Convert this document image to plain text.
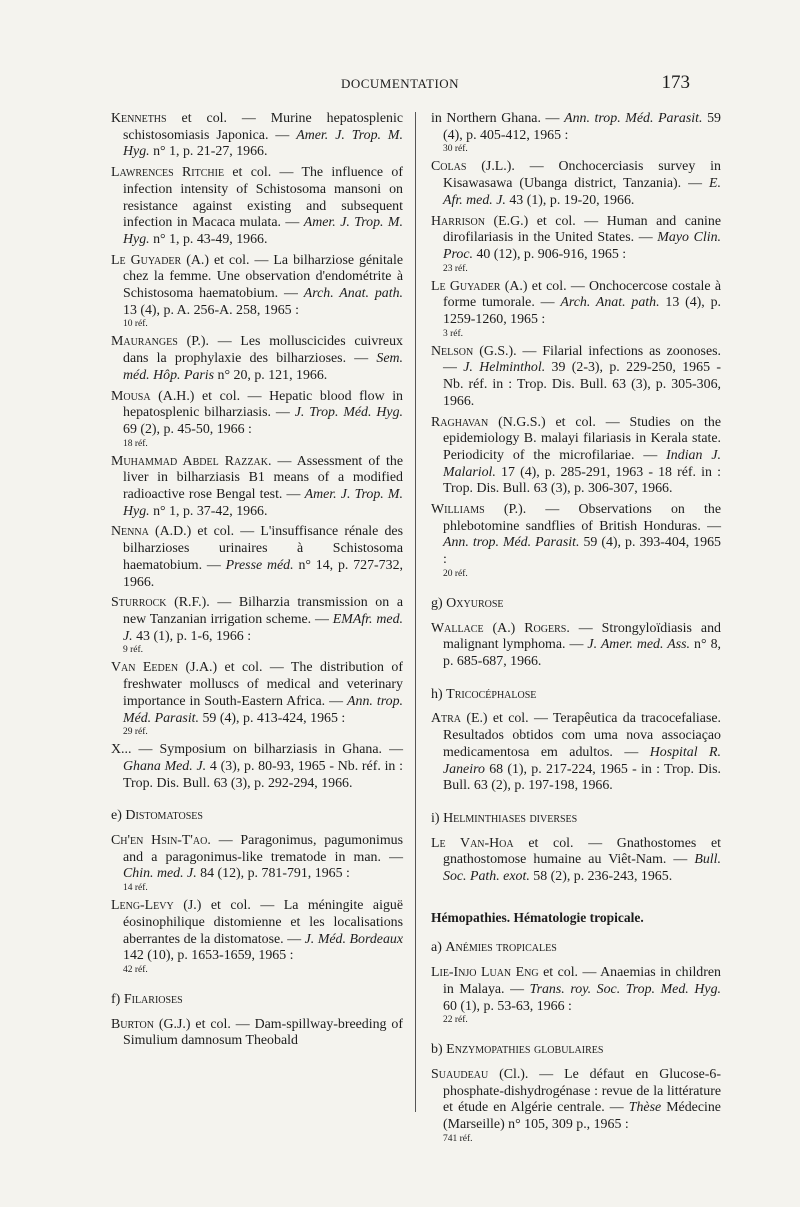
DOCUMENTATION	173

Kenneths et col. — Murine hepatosplenic schistosomiasis Japonica. — Amer. J. Trop. M. Hyg. n° 1, p. 21-27, 1966.

Lawrences Ritchie et col. — The influence of infection intensity of Schistosoma mansoni on resistance against existing and subsequent infection in Macaca mulata. — Amer. J. Trop. M. Hyg. n° 1, p. 43-49, 1966.

Le Guyader (A.) et col. — La bilharziose génitale chez la femme. Une observation d'endométrite à Schistosoma haematobium. — Arch. Anat. path. 13 (4), p. A. 256-A. 258, 1965 :
10 réf.

Mauranges (P.). — Les molluscicides cuivreux dans la prophylaxie des bilharzioses. — Sem. méd. Hôp. Paris n° 20, p. 121, 1966.

Mousa (A.H.) et col. — Hepatic blood flow in hepatosplenic bilharziasis. — J. Trop. Méd. Hyg. 69 (2), p. 45-50, 1966 :
18 réf.

Muhammad Abdel Razzak. — Assessment of the liver in bilharziasis B1 means of a modified radioactive rose Bengal test. — Amer. J. Trop. M. Hyg. n° 1, p. 37-42, 1966.

Nenna (A.D.) et col. — L'insuffisance rénale des bilharzioses urinaires à Schistosoma haematobium. — Presse méd. n° 14, p. 727-732, 1966.

Sturrock (R.F.). — Bilharzia transmission on a new Tanzanian irrigation scheme. — EMAfr. med. J. 43 (1), p. 1-6, 1966 :
9 réf.

Van Eeden (J.A.) et col. — The distribution of freshwater molluscs of medical and veterinary importance in South-Eastern Africa. — Ann. trop. Méd. Parasit. 59 (4), p. 413-424, 1965 :
29 réf.

X... — Symposium on bilharziasis in Ghana. — Ghana Med. J. 4 (3), p. 80-93, 1965 - Nb. réf. in : Trop. Dis. Bull. 63 (3), p. 292-294, 1966.

e) Distomatoses

Ch'en Hsin-T'ao. — Paragonimus, pagumonimus and a paragonimus-like trematode in man. — Chin. med. J. 84 (12), p. 781-791, 1965 :
14 réf.

Leng-Levy (J.) et col. — La méningite aiguë éosinophilique distomienne et les localisations aberrantes de la distomatose. — J. Méd. Bordeaux 142 (10), p. 1653-1659, 1965 :
42 réf.

f) Filarioses

Burton (G.J.) et col. — Dam-spillway-breeding of Simulium damnosum Theobald

in Northern Ghana. — Ann. trop. Méd. Parasit. 59 (4), p. 405-412, 1965 :
30 réf.

Colas (J.L.). — Onchocerciasis survey in Kisawasawa (Ubanga district, Tanzania). — E. Afr. med. J. 43 (1), p. 19-20, 1966.

Harrison (E.G.) et col. — Human and canine dirofilariasis in the United States. — Mayo Clin. Proc. 40 (12), p. 906-916, 1965 :
23 réf.

Le Guyader (A.) et col. — Onchocercose costale à forme tumorale. — Arch. Anat. path. 13 (4), p. 1259-1260, 1965 :
3 réf.

Nelson (G.S.). — Filarial infections as zoonoses. — J. Helminthol. 39 (2-3), p. 229-250, 1965 - Nb. réf. in : Trop. Dis. Bull. 63 (3), p. 305-306, 1966.

Raghavan (N.G.S.) et col. — Studies on the epidemiology B. malayi filariasis in Kerala state. Periodicity of the microfilariae. — Indian J. Malariol. 17 (4), p. 285-291, 1963 - 18 réf. in : Trop. Dis. Bull. 63 (3), p. 306-307, 1966.

Williams (P.). — Observations on the phlebotomine sandflies of British Honduras. — Ann. trop. Méd. Parasit. 59 (4), p. 393-404, 1965 :
20 réf.

g) Oxyurose

Wallace (A.) Rogers. — Strongyloïdiasis and malignant lymphoma. — J. Amer. med. Ass. n° 8, p. 685-687, 1966.

h) Tricocéphalose

Atra (E.) et col. — Terapêutica da tracocefaliase. Resultados obtidos com uma nova associaçao medicamentosa em adultos. — Hospital R. Janeiro 68 (1), p. 217-224, 1965 - in : Trop. Dis. Bull. 63 (2), p. 197-198, 1966.

i) Helminthiases diverses

Le Van-Hoa et col. — Gnathostomes et gnathostomose humaine au Viêt-Nam. — Bull. Soc. Path. exot. 58 (2), p. 236-243, 1965.

Hémopathies. Hématologie tropicale.
a) Anémies tropicales

Lie-Injo Luan Eng et col. — Anaemias in children in Malaya. — Trans. roy. Soc. Trop. Med. Hyg. 60 (1), p. 53-63, 1966 :
22 réf.

b) Enzymopathies globulaires

Suaudeau (Cl.). — Le défaut en Glucose-6-phosphate-dishydrogénase : revue de la littérature et étude en Algérie centrale. — Thèse Médecine (Marseille) n° 105, 309 p., 1965 :
741 réf.
